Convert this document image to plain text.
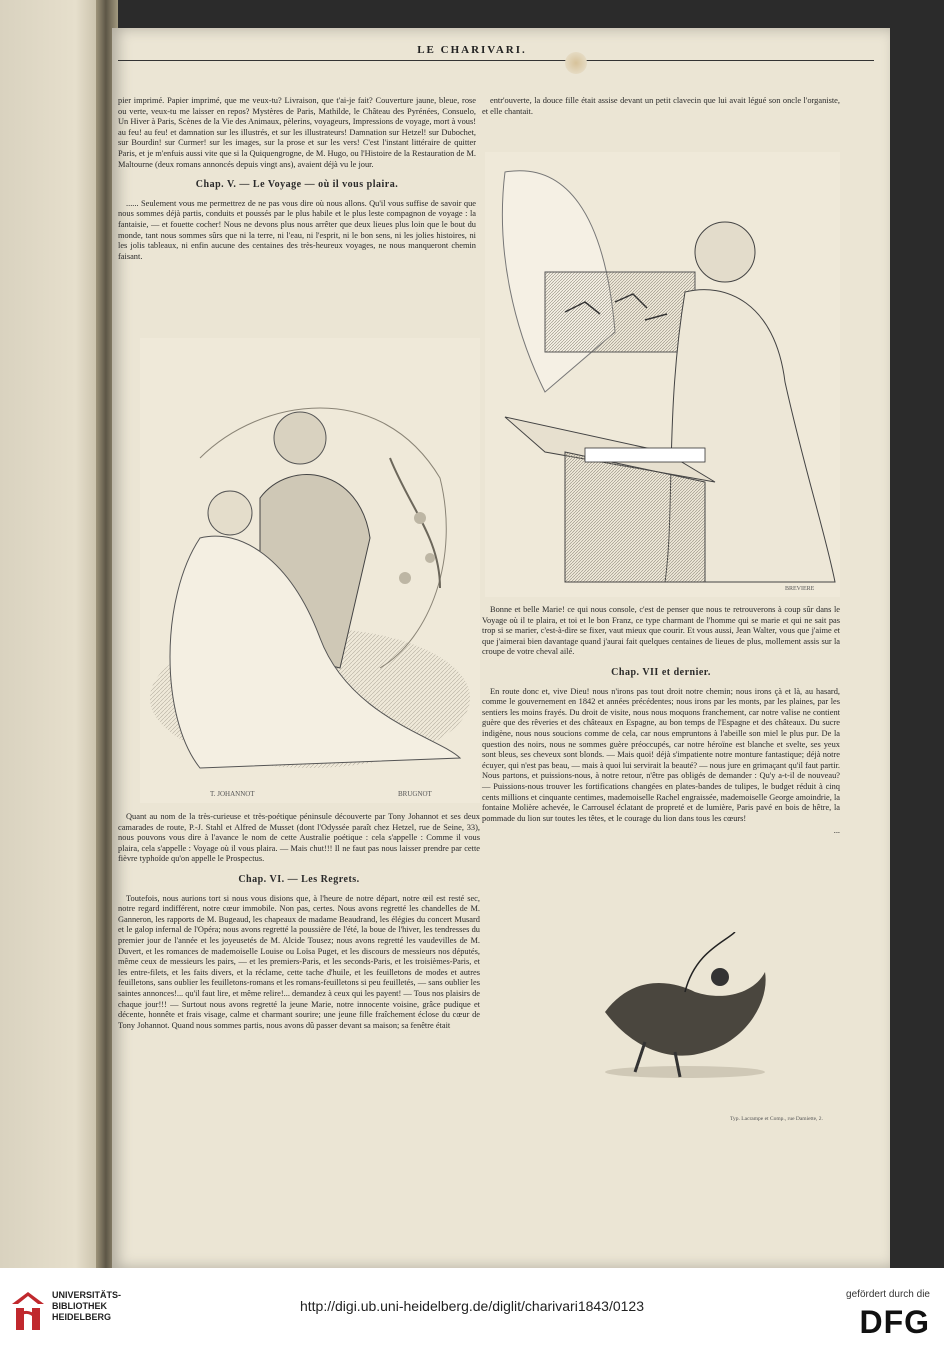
LE CHARIVARI.

pier imprimé. Papier imprimé, que me veux-tu? Livraison, que t'ai-je fait? Couverture jaune, bleue, rose ou verte, veux-tu me laisser en repos? Mystères de Paris, Mathilde, le Château des Pyrénées, Consuelo, Un Hiver à Paris, Scènes de la Vie des Animaux, pèlerins, voyageurs, Impressions de voyage, mort à vous! au feu! au feu! et damnation sur les illustrés, et sur les illustrateurs! Damnation sur Hetzel! sur Dubochet, sur Bourdin! sur Curmer! sur les images, sur la prose et sur les vers! C'est l'instant littéraire de quitter Paris, et je m'enfuis aussi vite que si la Quiquengrogne, de M. Hugo, ou l'Histoire de la Restauration de M. Maltourne (deux romans annoncés depuis vingt ans), avaient déjà vu le jour.

Chap. V. — Le Voyage — où il vous plaira.

...... Seulement vous me permettrez de ne pas vous dire où nous allons. Qu'il vous suffise de savoir que nous sommes déjà partis, conduits et poussés par le plus habile et le plus leste compagnon de voyage : la fantaisie, — et fouette cocher! Nous ne devons plus nous arrêter que deux lieues plus loin que le bout du monde, tant nous sommes sûrs que ni la terre, ni l'eau, ni l'esprit, ni le bon sens, ni les jolies histoires, ni les jolis tableaux, ni enfin aucune des centaines des très-heureux voyages, ne nous manqueront chemin faisant.

T. JOHANNOT	BRUGNOT

Quant au nom de la très-curieuse et très-poétique péninsule découverte par Tony Johannot et ses deux camarades de route, P.-J. Stahl et Alfred de Musset (dont l'Odyssée paraît chez Hetzel, rue de Seine, 33), nous pouvons vous dire à l'avance le nom de cette Australie poétique : cela s'appelle : Comme il vous plaira, cela s'appelle : Voyage où il vous plaira. — Mais chut!!! Il ne faut pas nous laisser prendre par cette fièvre typhoïde qu'on appelle le Prospectus.

Chap. VI. — Les Regrets.

Toutefois, nous aurions tort si nous vous disions que, à l'heure de notre départ, notre œil est resté sec, notre regard indifférent, notre cœur immobile. Non pas, certes. Nous avons regretté les chandelles de M. Ganneron, les rapports de M. Bugeaud, les chapeaux de madame Beaudrand, les élégies du concert Musard et le galop infernal de l'Opéra; nous avons regretté la poussière de l'été, la boue de l'hiver, les tendresses du premier jour de l'année et les joyeusetés de M. Alcide Tousez; nous avons regretté les vaudevilles de M. Duvert, et les romances de mademoiselle Louise ou Loïsa Puget, et les discours de messieurs nos députés, même ceux de messieurs les pairs, — et les premiers-Paris, et les seconds-Paris, et les troisièmes-Paris, et les entre-filets, et les faits divers, et la réclame, cette tache d'huile, et les feuilletons de modes et autres feuilletons, sans oublier les feuilletons-romans et les romans-feuilletons si peu feuilletés, — sans oublier les saintes annonces!... qu'il faut lire, et même relire!... demandez à ceux qui les payent! — Tous nos plaisirs de chaque jour!!! — Surtout nous avons regretté la jeune Marie, notre innocente voisine, grâce pudique et décente, honnête et frais visage, calme et charmant sourire; une jeune fille fraîchement éclose du cœur de Tony Johannot. Quand nous sommes partis, nous avons dû passer devant sa maison; sa fenêtre était

entr'ouverte, la douce fille était assise devant un petit clavecin que lui avait légué son oncle l'organiste, et elle chantait.

BREVIERE

Bonne et belle Marie! ce qui nous console, c'est de penser que nous te retrouverons à coup sûr dans le Voyage où il te plaira, et toi et le bon Franz, ce type charmant de l'homme qui se marie et qui ne sait pas trop si se marier, c'est-à-dire se fixer, vaut mieux que courir. Et vous aussi, Jean Walter, vous que j'aime et que j'aimerai bien davantage quand j'aurai fait quelques centaines de lieues de plus, mollement assis sur la croupe de votre cheval ailé.

Chap. VII et dernier.

En route donc et, vive Dieu! nous n'irons pas tout droit notre chemin; nous irons çà et là, au hasard, comme le gouvernement en 1842 et années précédentes; nous irons par les monts, par les plaines, par les sentiers les moins frayés. Du droit de visite, nous nous moquons franchement, car notre valise ne contient guère que des rêveries et des châteaux en Espagne, au bon temps de l'Espagne et des châteaux. Du sucre indigène, nous nous soucions comme de cela, car nous empruntons à l'abeille son miel le plus pur. De la question des noirs, nous ne sommes guère préoccupés, car notre héroïne est blanche et svelte, ses yeux sont bleus, ses cheveux sont blonds. — Mais quoi! déjà s'impatiente notre monture fantastique; déjà notre écuyer, qui n'est pas beau, — mais à quoi lui servirait la beauté? — nous jure en grimaçant qu'il faut partir. Nous partons, et puissions-nous, à notre retour, n'être pas obligés de demander : Qu'y a-t-il de nouveau? — Puissions-nous trouver les fortifications changées en plates-bandes de tulipes, le budget réduit à cinq cents millions et cinquante centimes, mademoiselle Rachel engraissée, mademoiselle George amoindrie, la fontaine Molière achevée, le Carrousel éclatant de propreté et de lumière, Paris pavé en bois de hêtre, la pommade du lion sur toutes les têtes, et le courage du lion dans tous les cœurs!

...
Typ. Lacrampe et Comp., rue Damiette, 2.
UNIVERSITÄTS-
BIBLIOTHEK
HEIDELBERG
http://digi.ub.uni-heidelberg.de/diglit/charivari1843/0123
gefördert durch die
DFG
